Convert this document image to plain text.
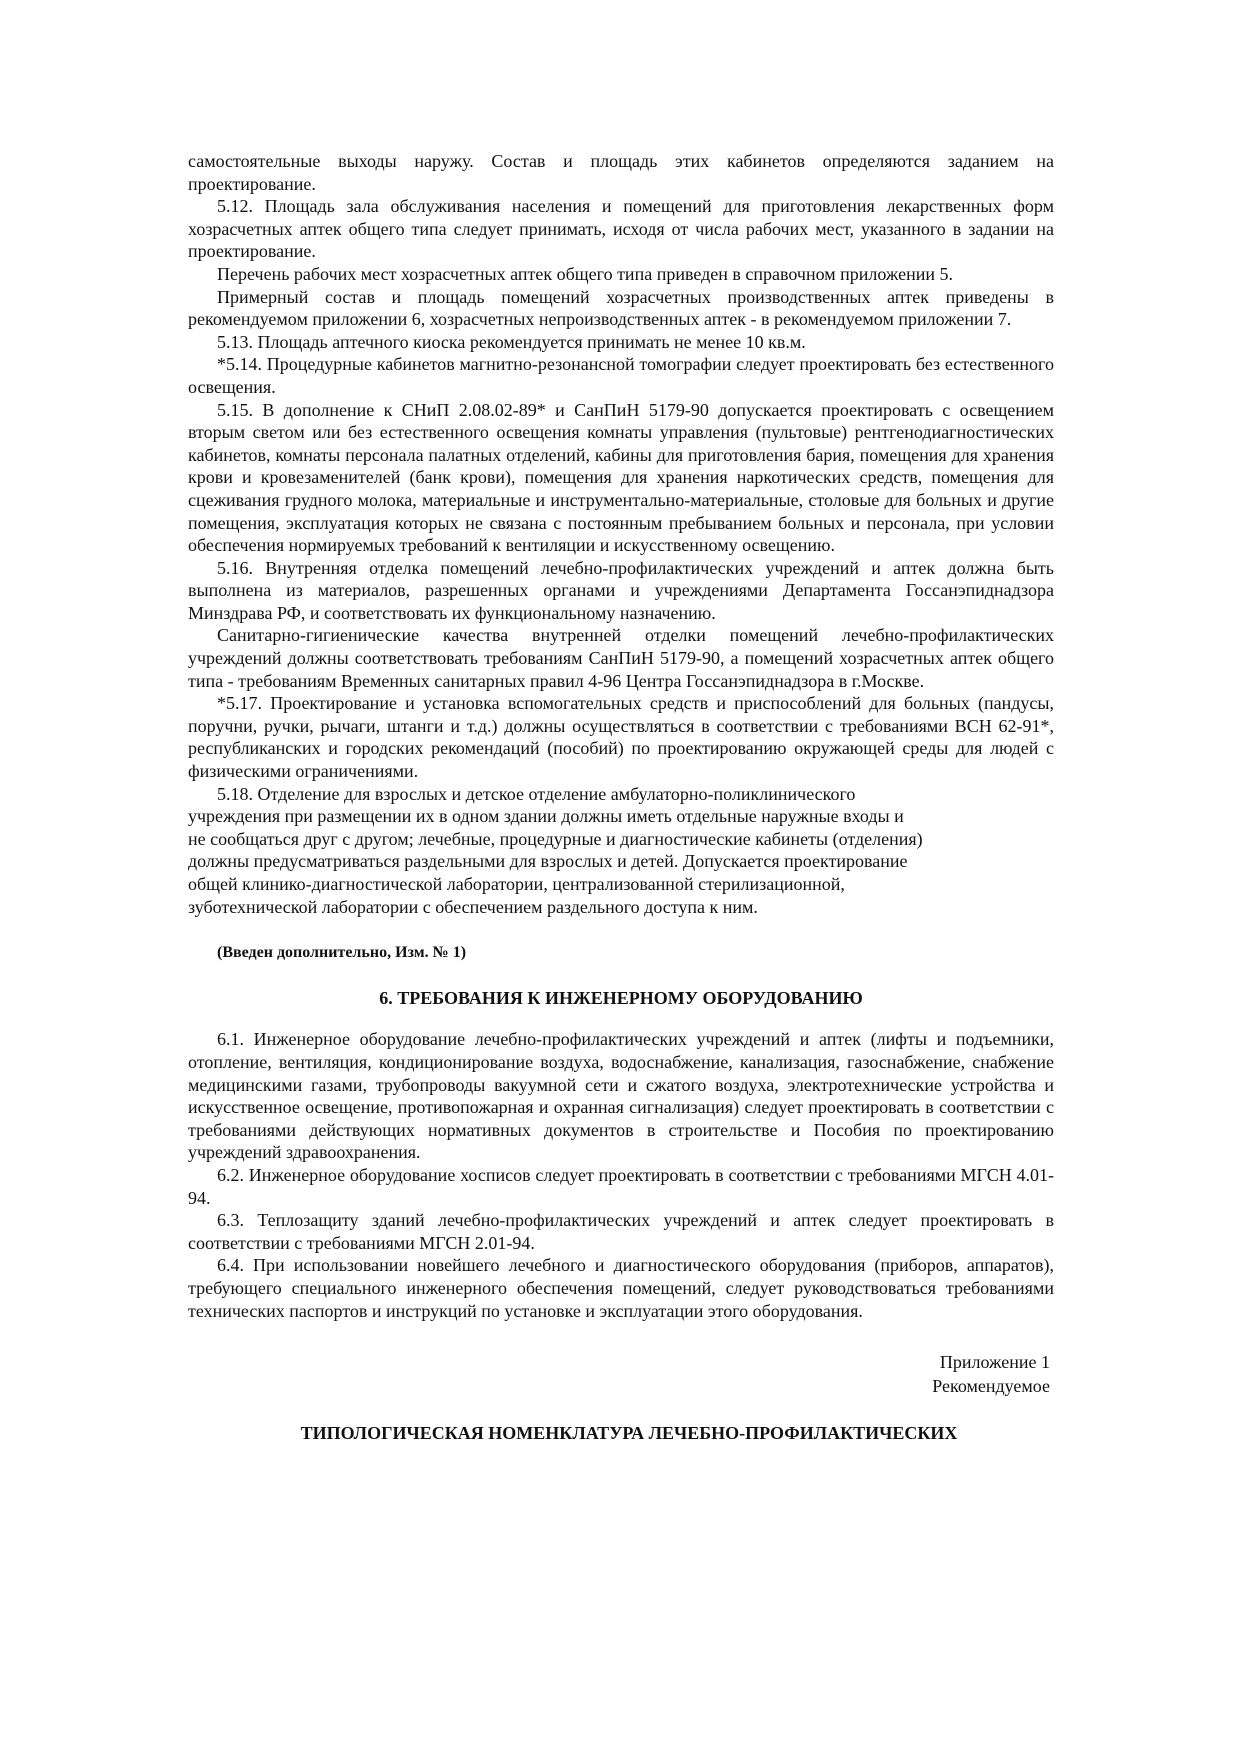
самостоятельные выходы наружу. Состав и площадь этих кабинетов определяются заданием на проектирование.

5.12. Площадь зала обслуживания населения и помещений для приготовления лекарственных форм хозрасчетных аптек общего типа следует принимать, исходя от числа рабочих мест, указанного в задании на проектирование.

Перечень рабочих мест хозрасчетных аптек общего типа приведен в справочном приложении 5.

Примерный состав и площадь помещений хозрасчетных производственных аптек приведены в рекомендуемом приложении 6, хозрасчетных непроизводственных аптек - в рекомендуемом приложении 7.

5.13. Площадь аптечного киоска рекомендуется принимать не менее 10 кв.м.

*5.14. Процедурные кабинетов магнитно-резонансной томографии следует проектировать без естественного освещения.

5.15. В дополнение к СНиП 2.08.02-89* и СанПиН 5179-90 допускается проектировать с освещением вторым светом или без естественного освещения комнаты управления (пультовые) рентгенодиагностических кабинетов, комнаты персонала палатных отделений, кабины для приготовления бария, помещения для хранения крови и кровезаменителей (банк крови), помещения для хранения наркотических средств, помещения для сцеживания грудного молока, материальные и инструментально-материальные, столовые для больных и другие помещения, эксплуатация которых не связана с постоянным пребыванием больных и персонала, при условии обеспечения нормируемых требований к вентиляции и искусственному освещению.

5.16. Внутренняя отделка помещений лечебно-профилактических учреждений и аптек должна быть выполнена из материалов, разрешенных органами и учреждениями Департамента Госсанэпиднадзора Минздрава РФ, и соответствовать их функциональному назначению.

Санитарно-гигиенические качества внутренней отделки помещений лечебно-профилактических учреждений должны соответствовать требованиям СанПиН 5179-90, а помещений хозрасчетных аптек общего типа - требованиям Временных санитарных правил 4-96 Центра Госсанэпиднадзора в г.Москве.

*5.17. Проектирование и установка вспомогательных средств и приспособлений для больных (пандусы, поручни, ручки, рычаги, штанги и т.д.) должны осуществляться в соответствии с требованиями ВСН 62-91*, республиканских и городских рекомендаций (пособий) по проектированию окружающей среды для людей с физическими ограничениями.

5.18. Отделение для взрослых и детское отделение амбулаторно-поликлинического
учреждения при размещении их в одном здании должны иметь отдельные наружные входы и
не сообщаться друг с другом; лечебные, процедурные и диагностические кабинеты (отделения)
должны предусматриваться раздельными для взрослых и детей. Допускается проектирование
общей клинико-диагностической лаборатории, централизованной стерилизационной,
зуботехнической лаборатории с обеспечением раздельного доступа к ним.
(Введен дополнительно, Изм. № 1)
6. ТРЕБОВАНИЯ К ИНЖЕНЕРНОМУ ОБОРУДОВАНИЮ

6.1. Инженерное оборудование лечебно-профилактических учреждений и аптек (лифты и подъемники, отопление, вентиляция, кондиционирование воздуха, водоснабжение, канализация, газоснабжение, снабжение медицинскими газами, трубопроводы вакуумной сети и сжатого воздуха, электротехнические устройства и искусственное освещение, противопожарная и охранная сигнализация) следует проектировать в соответствии с требованиями действующих нормативных документов в строительстве и Пособия по проектированию учреждений здравоохранения.

6.2. Инженерное оборудование хосписов следует проектировать в соответствии с требованиями МГСН 4.01-94.

6.3. Теплозащиту зданий лечебно-профилактических учреждений и аптек следует проектировать в соответствии с требованиями МГСН 2.01-94.

6.4. При использовании новейшего лечебного и диагностического оборудования (приборов, аппаратов), требующего специального инженерного обеспечения помещений, следует руководствоваться требованиями технических паспортов и инструкций по установке и эксплуатации этого оборудования.

Приложение 1
Рекомендуемое
ТИПОЛОГИЧЕСКАЯ НОМЕНКЛАТУРА ЛЕЧЕБНО-ПРОФИЛАКТИЧЕСКИХ
